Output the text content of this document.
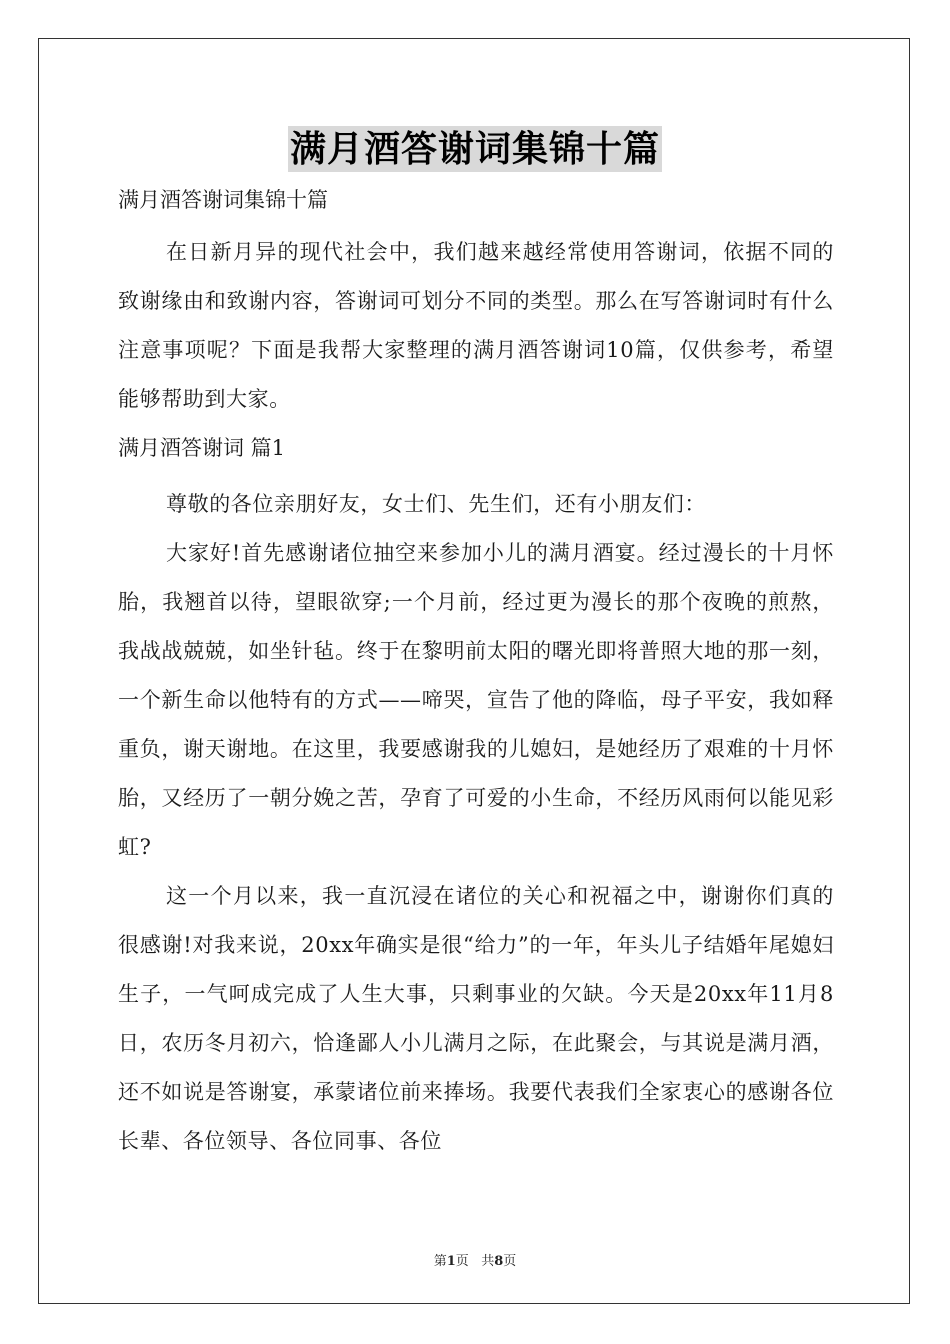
满月酒答谢词集锦十篇

满月酒答谢词集锦十篇

在日新月异的现代社会中，我们越来越经常使用答谢词，依据不同的致谢缘由和致谢内容，答谢词可划分不同的类型。那么在写答谢词时有什么注意事项呢？下面是我帮大家整理的满月酒答谢词10篇，仅供参考，希望能够帮助到大家。

满月酒答谢词 篇1

尊敬的各位亲朋好友，女士们、先生们，还有小朋友们：

大家好!首先感谢诸位抽空来参加小儿的满月酒宴。经过漫长的十月怀胎，我翘首以待，望眼欲穿;一个月前，经过更为漫长的那个夜晚的煎熬，我战战兢兢，如坐针毡。终于在黎明前太阳的曙光即将普照大地的那一刻，一个新生命以他特有的方式——啼哭，宣告了他的降临，母子平安，我如释重负，谢天谢地。在这里，我要感谢我的儿媳妇，是她经历了艰难的十月怀胎，又经历了一朝分娩之苦，孕育了可爱的小生命，不经历风雨何以能见彩虹?

这一个月以来，我一直沉浸在诸位的关心和祝福之中，谢谢你们真的很感谢!对我来说，20xx年确实是很“给力”的一年，年头儿子结婚年尾媳妇生子，一气呵成完成了人生大事，只剩事业的欠缺。今天是20xx年11月8日，农历冬月初六，恰逢鄙人小儿满月之际，在此聚会，与其说是满月酒，还不如说是答谢宴，承蒙诸位前来捧场。我要代表我们全家衷心的感谢各位长辈、各位领导、各位同事、各位

第1页 共8页
